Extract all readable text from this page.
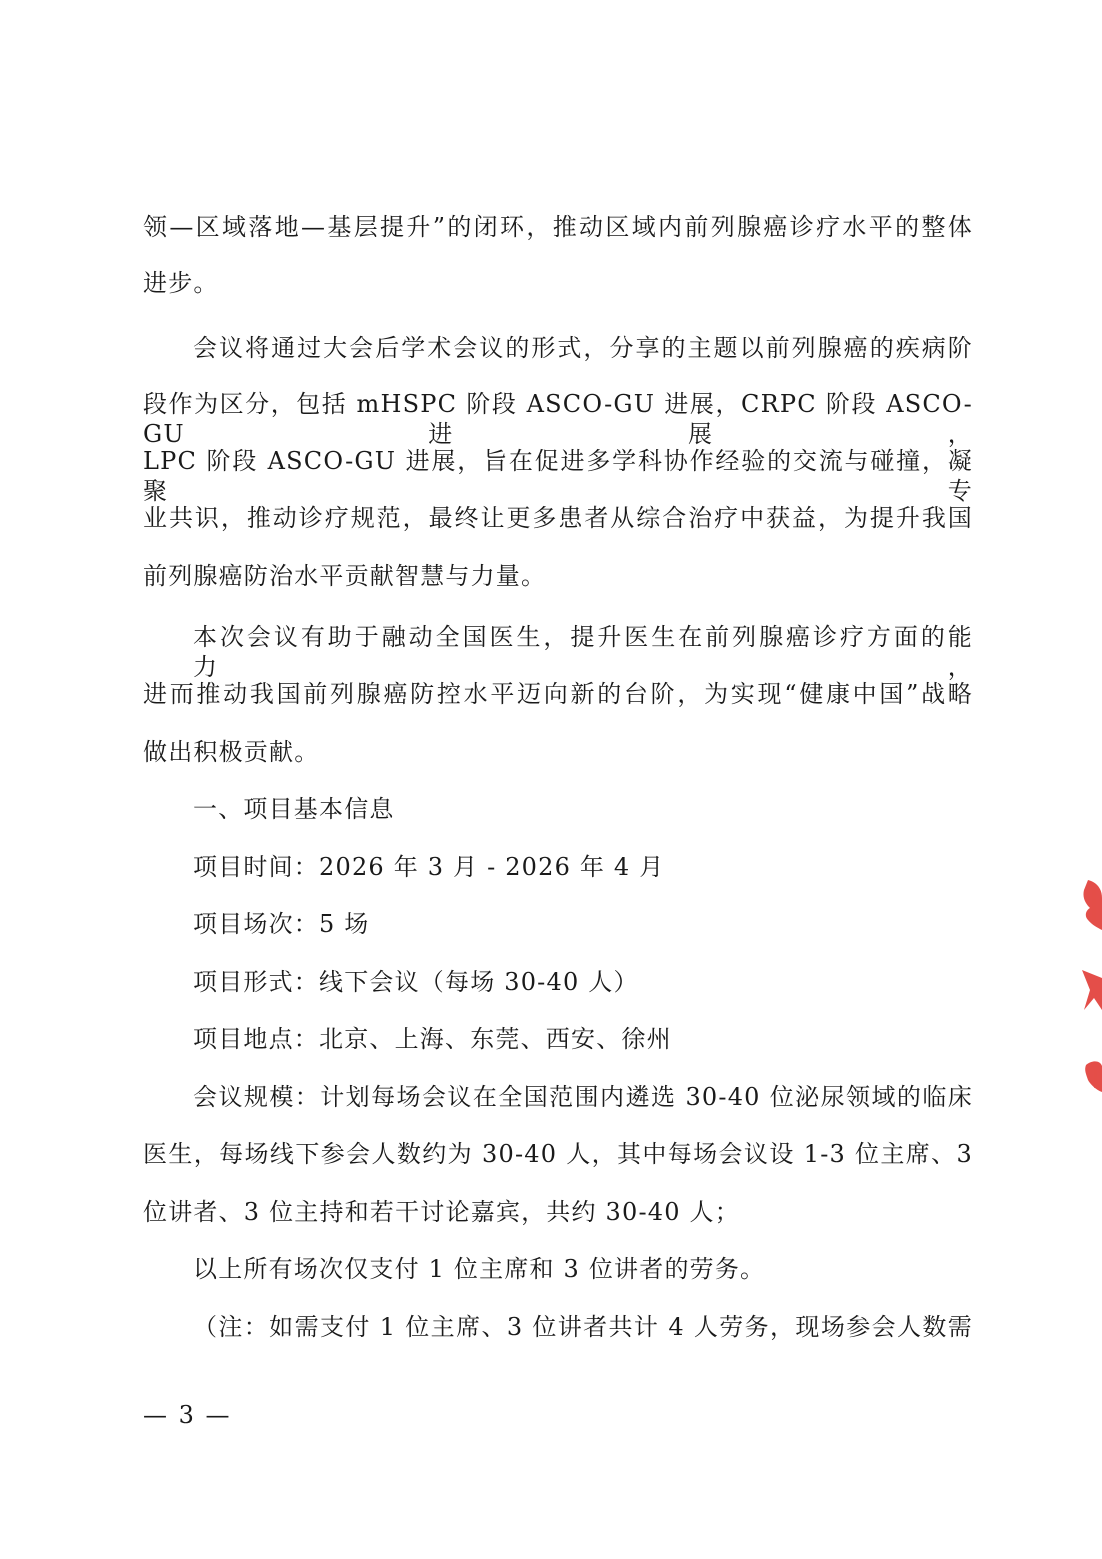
领—区域落地—基层提升”的闭环，推动区域内前列腺癌诊疗水平的整体
进步。
会议将通过大会后学术会议的形式，分享的主题以前列腺癌的疾病阶
段作为区分，包括 mHSPC 阶段 ASCO-GU 进展，CRPC 阶段 ASCO-GU 进展，
LPC 阶段 ASCO-GU 进展，旨在促进多学科协作经验的交流与碰撞，凝聚专
业共识，推动诊疗规范，最终让更多患者从综合治疗中获益，为提升我国
前列腺癌防治水平贡献智慧与力量。
本次会议有助于融动全国医生，提升医生在前列腺癌诊疗方面的能力，
进而推动我国前列腺癌防控水平迈向新的台阶，为实现“健康中国”战略
做出积极贡献。
一、项目基本信息
项目时间：2026 年 3 月 - 2026 年 4 月
项目场次：5 场
项目形式：线下会议（每场 30-40 人）
项目地点：北京、上海、东莞、西安、徐州
会议规模：计划每场会议在全国范围内遴选 30-40 位泌尿领域的临床
医生，每场线下参会人数约为 30-40 人，其中每场会议设 1-3 位主席、3
位讲者、3 位主持和若干讨论嘉宾，共约 30-40 人；
以上所有场次仅支付 1 位主席和 3 位讲者的劳务。
（注：如需支付 1 位主席、3 位讲者共计 4 人劳务，现场参会人数需
— 3 —
